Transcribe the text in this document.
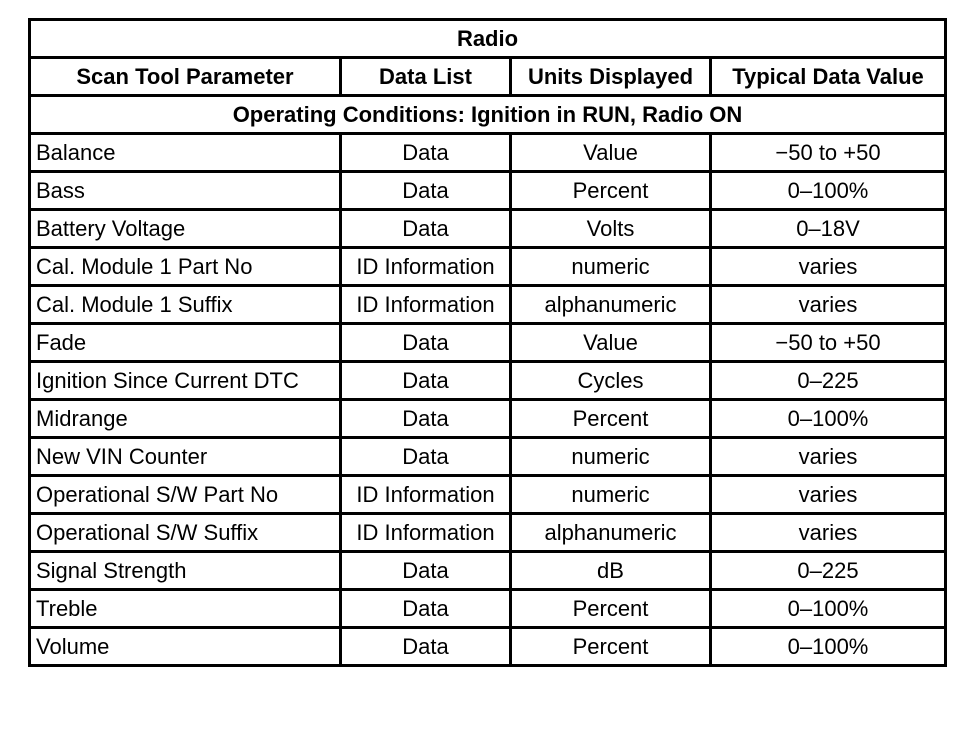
Radio			
Scan Tool Parameter	Data List	Units Displayed	Typical Data Value
Operating Conditions: Ignition in RUN, Radio ON			
Balance	Data	Value	−50 to +50
Bass	Data	Percent	0–100%
Battery Voltage	Data	Volts	0–18V
Cal. Module 1 Part No	ID Information	numeric	varies
Cal. Module 1 Suffix	ID Information	alphanumeric	varies
Fade	Data	Value	−50 to +50
Ignition Since Current DTC	Data	Cycles	0–225
Midrange	Data	Percent	0–100%
New VIN Counter	Data	numeric	varies
Operational S/W Part No	ID Information	numeric	varies
Operational S/W Suffix	ID Information	alphanumeric	varies
Signal Strength	Data	dB	0–225
Treble	Data	Percent	0–100%
Volume	Data	Percent	0–100%
